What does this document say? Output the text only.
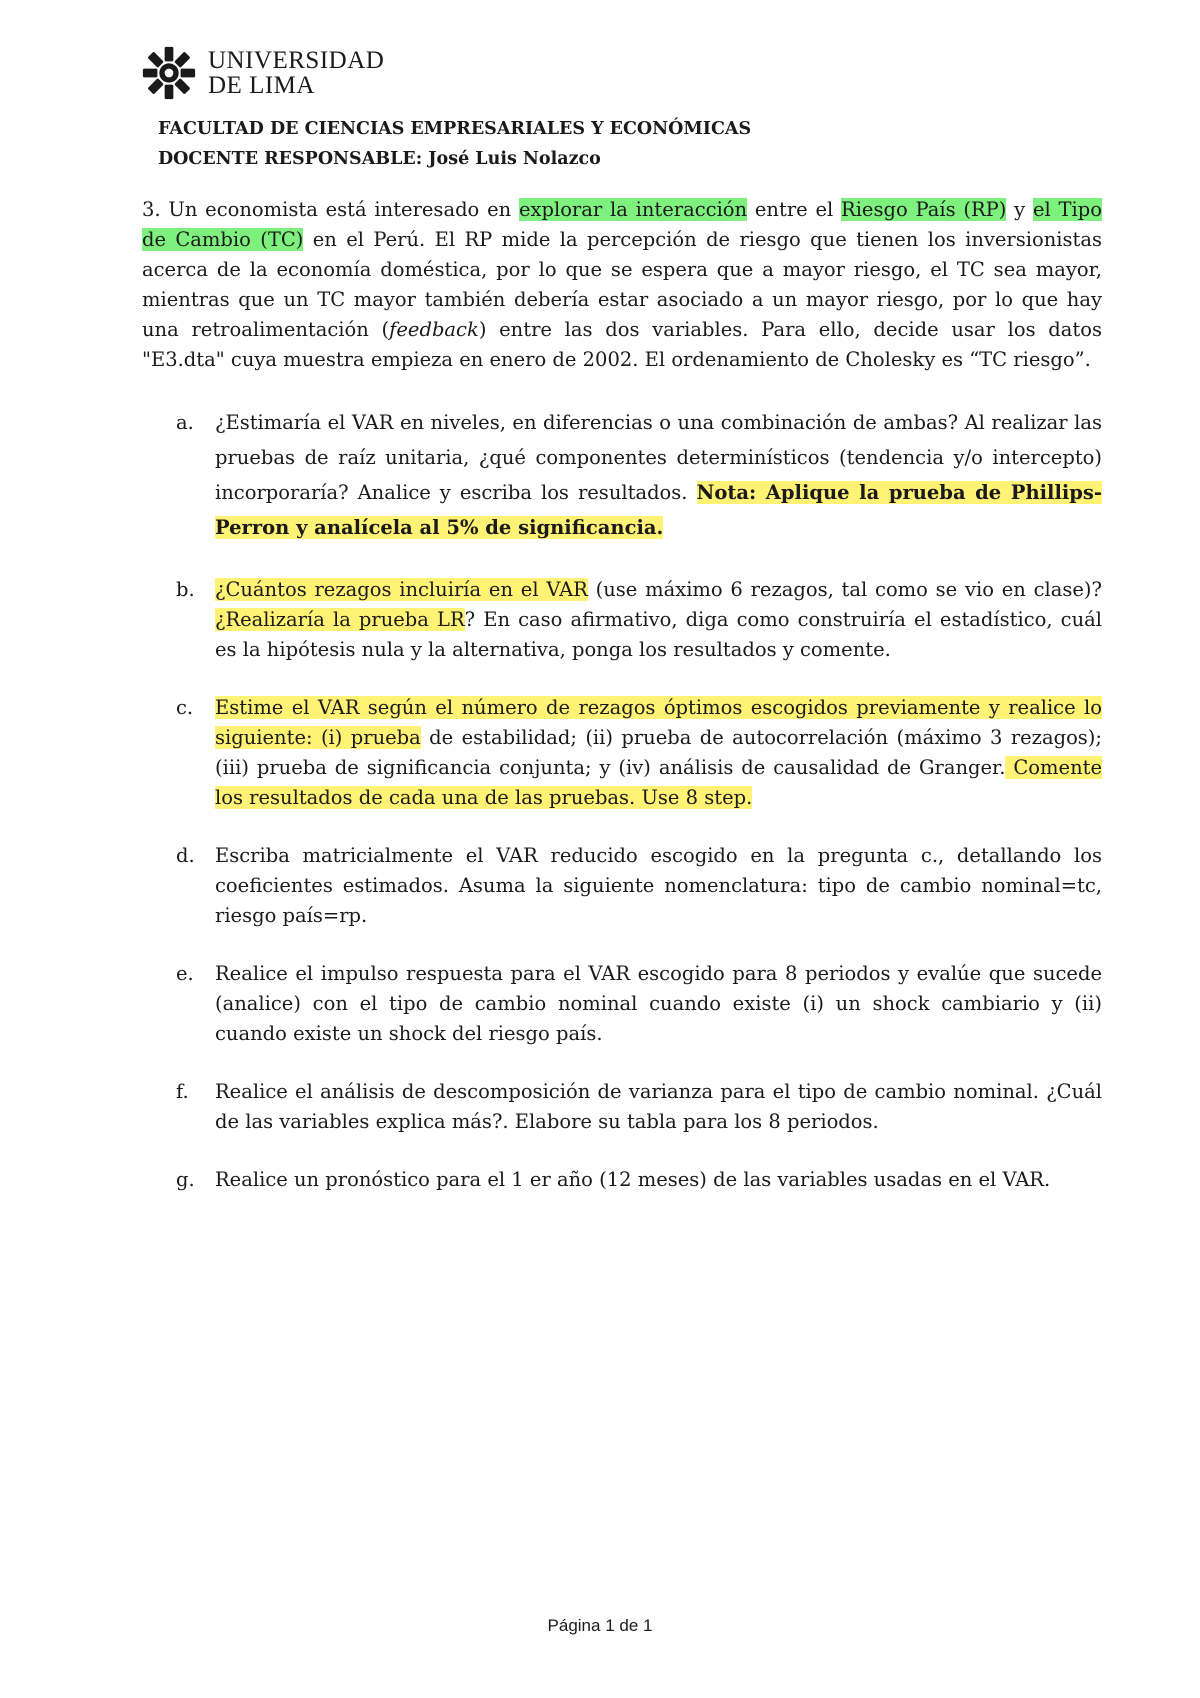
UNIVERSIDAD
DE LIMA
FACULTAD DE CIENCIAS EMPRESARIALES Y ECONÓMICAS
DOCENTE RESPONSABLE: José Luis Nolazco

3. Un economista está interesado en explorar la interacción entre el Riesgo País (RP) y el Tipo de Cambio (TC) en el Perú. El RP mide la percepción de riesgo que tienen los inversionistas acerca de la economía doméstica, por lo que se espera que a mayor riesgo, el TC sea mayor, mientras que un TC mayor también debería estar asociado a un mayor riesgo, por lo que hay una retroalimentación (feedback) entre las dos variables. Para ello, decide usar los datos "E3.dta" cuya muestra empieza en enero de 2002. El ordenamiento de Cholesky es “TC riesgo”.

a. ¿Estimaría el VAR en niveles, en diferencias o una combinación de ambas? Al realizar las pruebas de raíz unitaria, ¿qué componentes determinísticos (tendencia y/o intercepto) incorporaría? Analice y escriba los resultados. Nota: Aplique la prueba de Phillips-Perron y analícela al 5% de significancia.
b. ¿Cuántos rezagos incluiría en el VAR (use máximo 6 rezagos, tal como se vio en clase)? ¿Realizaría la prueba LR? En caso afirmativo, diga como construiría el estadístico, cuál es la hipótesis nula y la alternativa, ponga los resultados y comente.
c. Estime el VAR según el número de rezagos óptimos escogidos previamente y realice lo siguiente: (i) prueba de estabilidad; (ii) prueba de autocorrelación (máximo 3 rezagos); (iii) prueba de significancia conjunta; y (iv) análisis de causalidad de Granger. Comente los resultados de cada una de las pruebas. Use 8 step.
d. Escriba matricialmente el VAR reducido escogido en la pregunta c., detallando los coeficientes estimados. Asuma la siguiente nomenclatura: tipo de cambio nominal=tc, riesgo país=rp.
e. Realice el impulso respuesta para el VAR escogido para 8 periodos y evalúe que sucede (analice) con el tipo de cambio nominal cuando existe (i) un shock cambiario y (ii) cuando existe un shock del riesgo país.
f. Realice el análisis de descomposición de varianza para el tipo de cambio nominal. ¿Cuál de las variables explica más?. Elabore su tabla para los 8 periodos.
g. Realice un pronóstico para el 1 er año (12 meses) de las variables usadas en el VAR.
Página 1 de 1
